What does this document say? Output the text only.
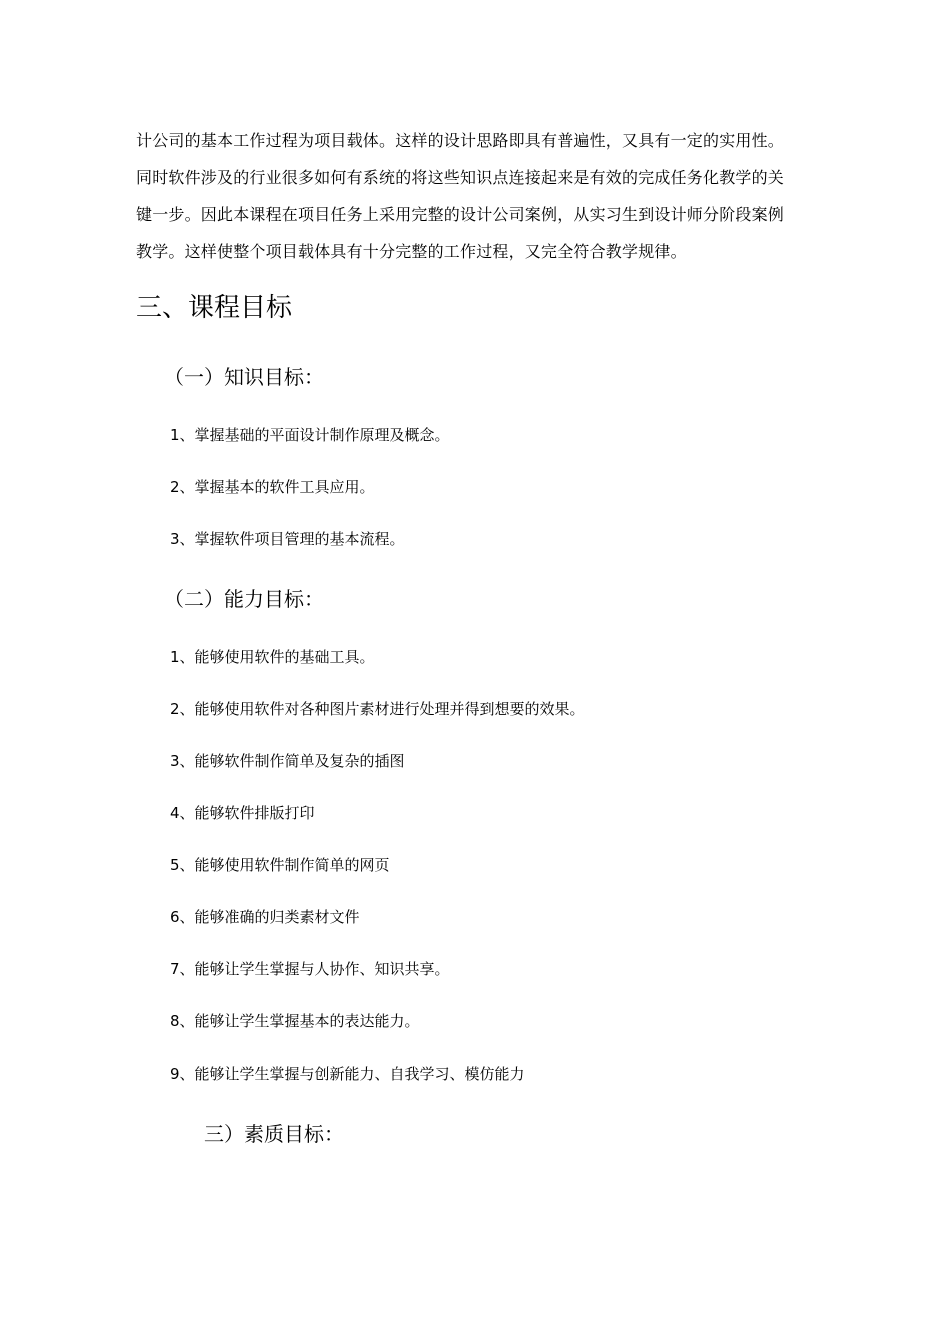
计公司的基本工作过程为项目载体。这样的设计思路即具有普遍性，又具有一定的实用性。
同时软件涉及的行业很多如何有系统的将这些知识点连接起来是有效的完成任务化教学的关
键一步。因此本课程在项目任务上采用完整的设计公司案例，从实习生到设计师分阶段案例
教学。这样使整个项目载体具有十分完整的工作过程，又完全符合教学规律。
三、课程目标
（一）知识目标：

1、掌握基础的平面设计制作原理及概念。

2、掌握基本的软件工具应用。

3、掌握软件项目管理的基本流程。

（二）能力目标：

1、能够使用软件的基础工具。

2、能够使用软件对各种图片素材进行处理并得到想要的效果。

3、能够软件制作简单及复杂的插图

4、能够软件排版打印

5、能够使用软件制作简单的网页

6、能够准确的归类素材文件

7、能够让学生掌握与人协作、知识共享。

8、能够让学生掌握基本的表达能力。

9、能够让学生掌握与创新能力、自我学习、模仿能力

三）素质目标：
